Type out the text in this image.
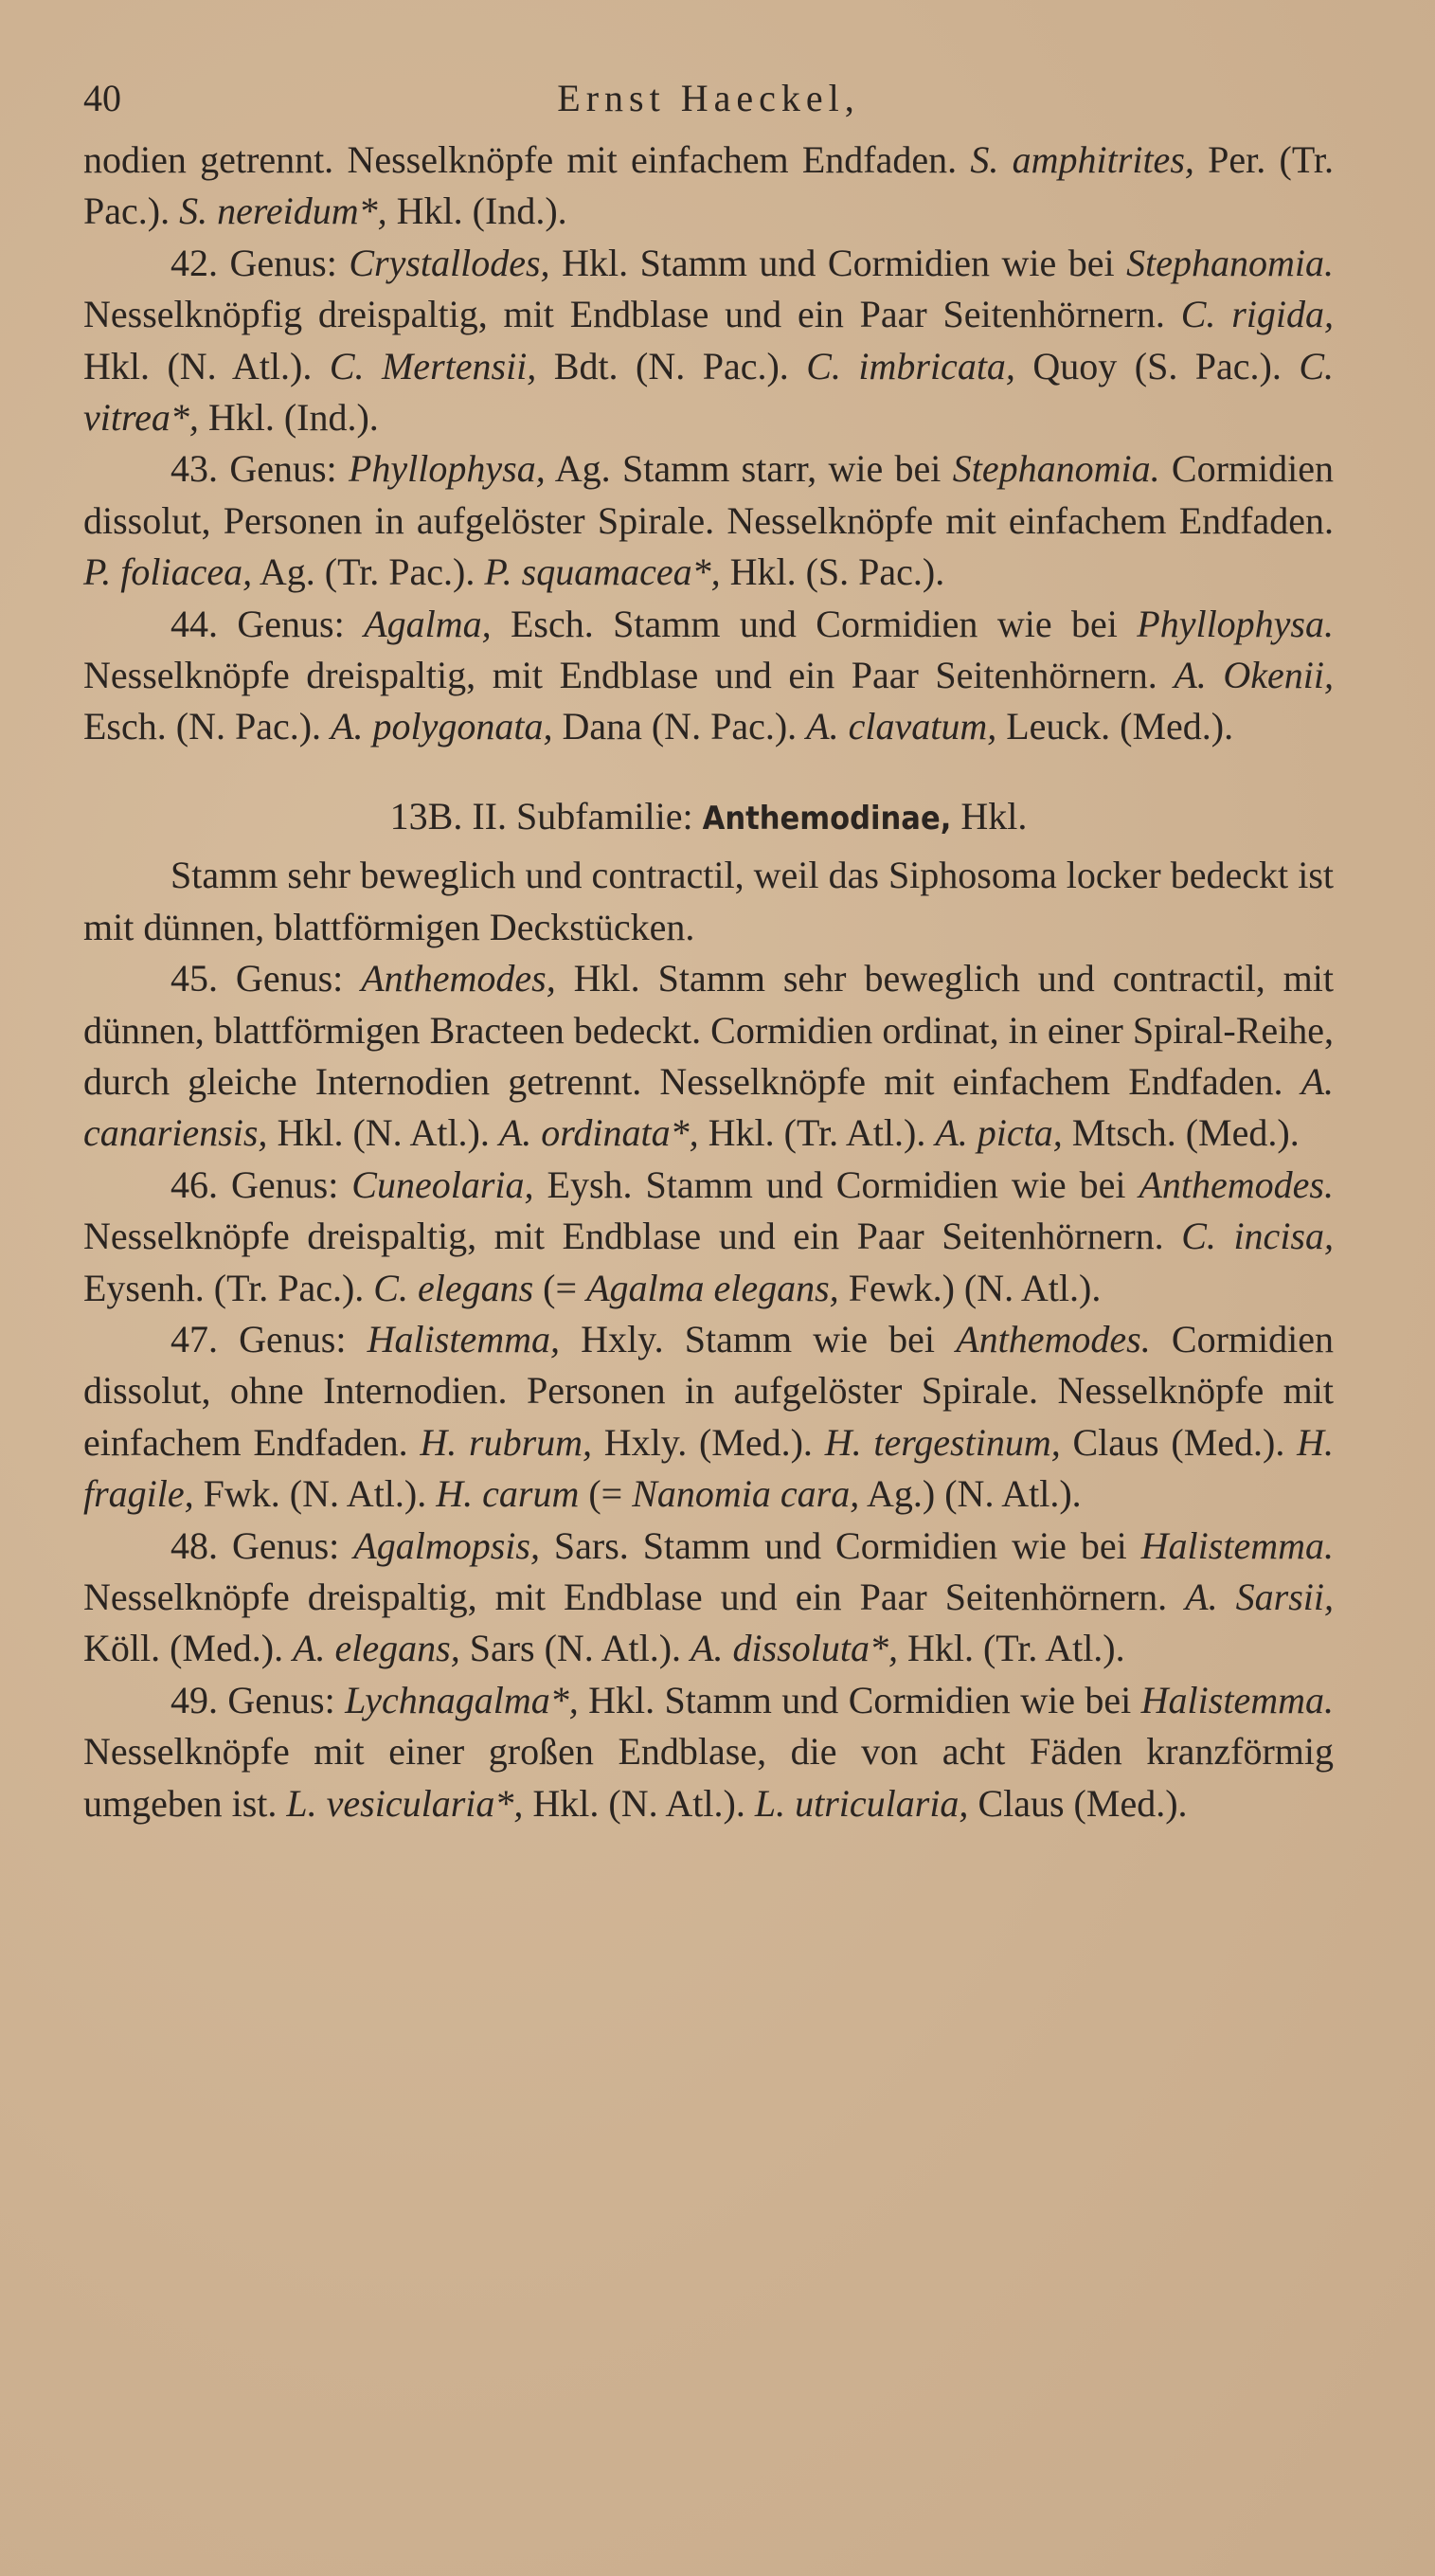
40	Ernst Haeckel,

nodien getrennt. Nesselknöpfe mit einfachem Endfaden. S. amphitrites, Per. (Tr. Pac.). S. nereidum*, Hkl. (Ind.).

42. Genus: Crystallodes, Hkl. Stamm und Cormidien wie bei Stephanomia. Nesselknöpfig dreispaltig, mit Endblase und ein Paar Seitenhörnern. C. rigida, Hkl. (N. Atl.). C. Mertensii, Bdt. (N. Pac.). C. imbricata, Quoy (S. Pac.). C. vitrea*, Hkl. (Ind.).

43. Genus: Phyllophysa, Ag. Stamm starr, wie bei Stephanomia. Cormidien dissolut, Personen in aufgelöster Spirale. Nesselknöpfe mit einfachem Endfaden. P. foliacea, Ag. (Tr. Pac.). P. squamacea*, Hkl. (S. Pac.).

44. Genus: Agalma, Esch. Stamm und Cormidien wie bei Phyllophysa. Nesselknöpfe dreispaltig, mit Endblase und ein Paar Seitenhörnern. A. Okenii, Esch. (N. Pac.). A. polygonata, Dana (N. Pac.). A. clavatum, Leuck. (Med.).

13B. II. Subfamilie: Anthemodinae, Hkl.

Stamm sehr beweglich und contractil, weil das Siphosoma locker bedeckt ist mit dünnen, blattförmigen Deckstücken.

45. Genus: Anthemodes, Hkl. Stamm sehr beweglich und contractil, mit dünnen, blattförmigen Bracteen bedeckt. Cormidien ordinat, in einer Spiral-Reihe, durch gleiche Internodien getrennt. Nesselknöpfe mit einfachem Endfaden. A. canariensis, Hkl. (N. Atl.). A. ordinata*, Hkl. (Tr. Atl.). A. picta, Mtsch. (Med.).

46. Genus: Cuneolaria, Eysh. Stamm und Cormidien wie bei Anthemodes. Nesselknöpfe dreispaltig, mit Endblase und ein Paar Seitenhörnern. C. incisa, Eysenh. (Tr. Pac.). C. elegans (= Agalma elegans, Fewk.) (N. Atl.).

47. Genus: Halistemma, Hxly. Stamm wie bei Anthemodes. Cormidien dissolut, ohne Internodien. Personen in aufgelöster Spirale. Nesselknöpfe mit einfachem Endfaden. H. rubrum, Hxly. (Med.). H. tergestinum, Claus (Med.). H. fragile, Fwk. (N. Atl.). H. carum (= Nanomia cara, Ag.) (N. Atl.).

48. Genus: Agalmopsis, Sars. Stamm und Cormidien wie bei Halistemma. Nesselknöpfe dreispaltig, mit Endblase und ein Paar Seitenhörnern. A. Sarsii, Köll. (Med.). A. elegans, Sars (N. Atl.). A. dissoluta*, Hkl. (Tr. Atl.).

49. Genus: Lychnagalma*, Hkl. Stamm und Cormidien wie bei Halistemma. Nesselknöpfe mit einer großen Endblase, die von acht Fäden kranzförmig umgeben ist. L. vesicularia*, Hkl. (N. Atl.). L. utricularia, Claus (Med.).
